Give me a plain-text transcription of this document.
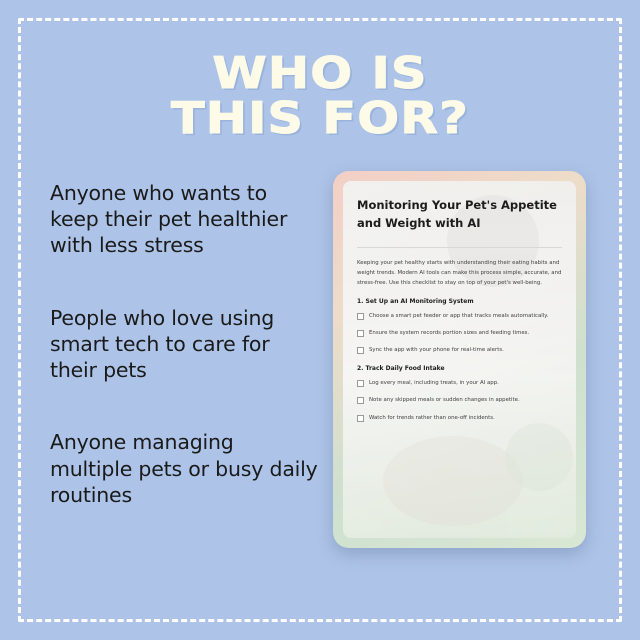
WHO IS
THIS FOR?
Anyone who wants to keep their pet healthier with less stress
People who love using smart tech to care for their pets
Anyone managing multiple pets or busy daily routines
Monitoring Your Pet's Appetite and Weight with AI
Keeping your pet healthy starts with understanding their eating habits and weight trends. Modern AI tools can make this process simple, accurate, and stress-free. Use this checklist to stay on top of your pet's well-being.
1. Set Up an AI Monitoring System
Choose a smart pet feeder or app that tracks meals automatically.
Ensure the system records portion sizes and feeding times.
Sync the app with your phone for real-time alerts.
2. Track Daily Food Intake
Log every meal, including treats, in your AI app.
Note any skipped meals or sudden changes in appetite.
Watch for trends rather than one-off incidents.
